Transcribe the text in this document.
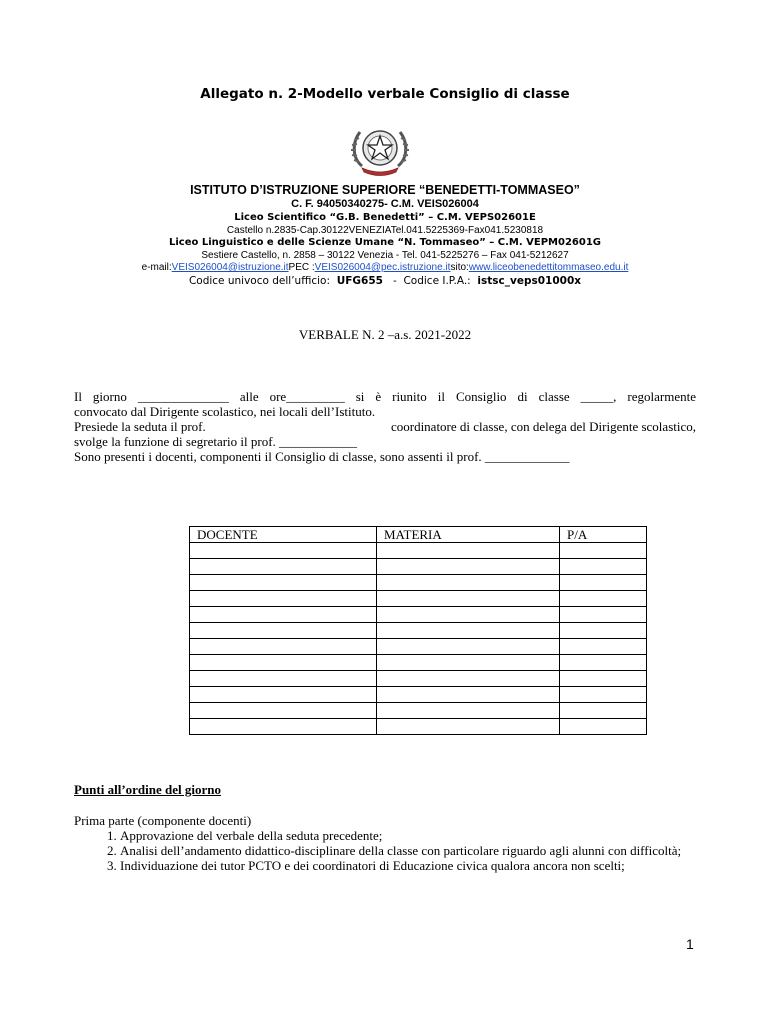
Allegato n. 2-Modello verbale Consiglio di classe
ISTITUTO D’ISTRUZIONE SUPERIORE “BENEDETTI-TOMMASEO”
C. F. 94050340275- C.M. VEIS026004
Liceo Scientifico “G.B. Benedetti” – C.M. VEPS02601E
Castello n.2835-Cap.30122VENEZIATel.041.5225369-Fax041.5230818
Liceo Linguistico e delle Scienze Umane “N. Tommaseo” – C.M. VEPM02601G
Sestiere Castello, n. 2858 – 30122 Venezia - Tel. 041-5225276 – Fax 041-5212627
e-mail:VEIS026004@istruzione.itPEC :VEIS026004@pec.istruzione.itsito:www.liceobenedettitommaseo.edu.it
Codice univoco dell’ufficio: UFG655 - Codice I.P.A.: istsc_veps01000x
VERBALE N. 2 –a.s. 2021-2022
Il giorno ______________ alle ore_________ si è riunito il Consiglio di classe _____, regolarmente
convocato dal Dirigente scolastico, nei locali dell’Istituto.
Presiede la seduta il prof.	coordinatore di classe, con delega del Dirigente scolastico,
svolge la funzione di segretario il prof. ____________
Sono presenti i docenti, componenti il Consiglio di classe, sono assenti il prof. _____________
DOCENTE	MATERIA	P/A

Punti all’ordine del giorno
Prima parte (componente docenti)
1. Approvazione del verbale della seduta precedente;
2. Analisi dell’andamento didattico-disciplinare della classe con particolare riguardo agli alunni con difficoltà;
3. Individuazione dei tutor PCTO e dei coordinatori di Educazione civica qualora ancora non scelti;
1
